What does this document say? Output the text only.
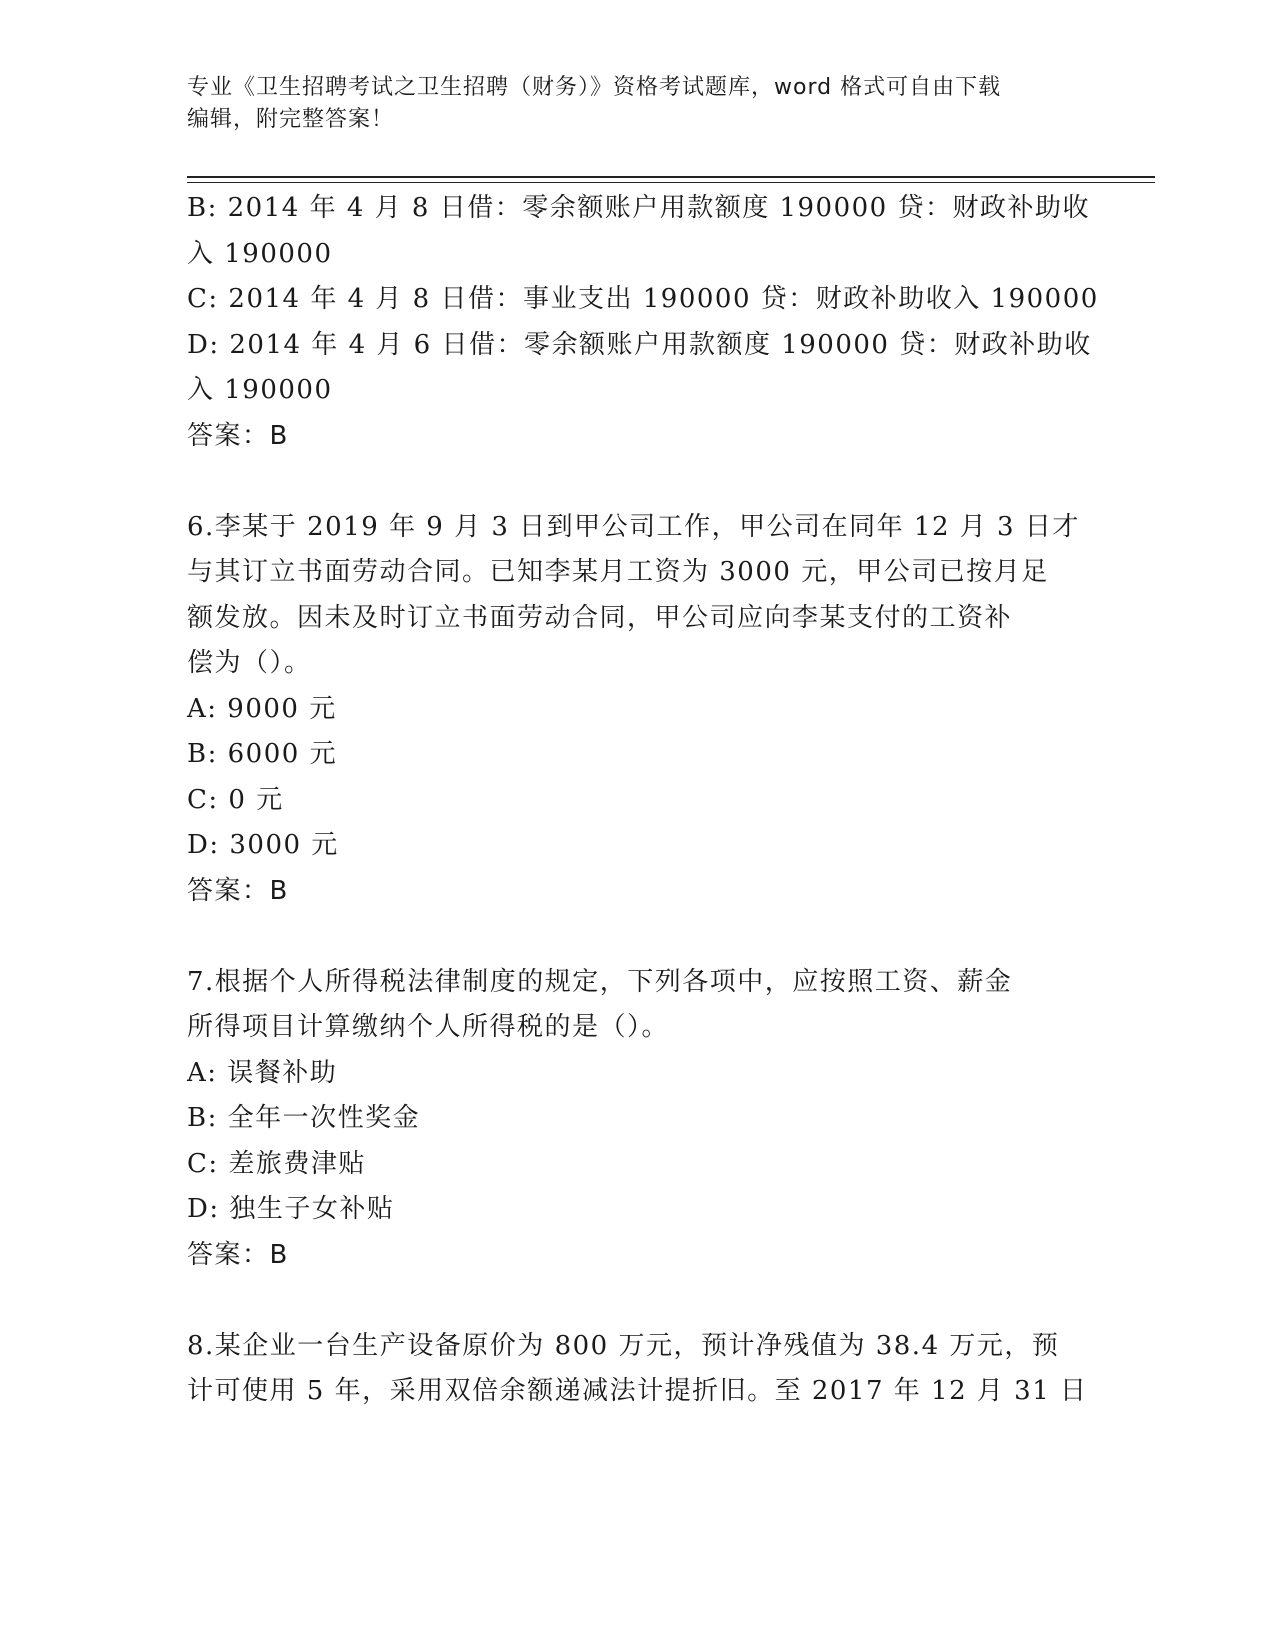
专业《卫生招聘考试之卫生招聘（财务）》资格考试题库，word 格式可自由下载
编辑，附完整答案！
B: 2014 年 4 月 8 日借：零余额账户用款额度 190000 贷：财政补助收
入 190000
C: 2014 年 4 月 8 日借：事业支出 190000 贷：财政补助收入 190000
D: 2014 年 4 月 6 日借：零余额账户用款额度 190000 贷：财政补助收
入 190000
答案：B
6.李某于 2019 年 9 月 3 日到甲公司工作，甲公司在同年 12 月 3 日才
与其订立书面劳动合同。已知李某月工资为 3000 元，甲公司已按月足
额发放。因未及时订立书面劳动合同，甲公司应向李某支付的工资补
偿为（）。
A: 9000 元
B: 6000 元
C: 0 元
D: 3000 元
答案：B
7.根据个人所得税法律制度的规定，下列各项中，应按照工资、薪金
所得项目计算缴纳个人所得税的是（）。
A: 误餐补助
B: 全年一次性奖金
C: 差旅费津贴
D: 独生子女补贴
答案：B
8.某企业一台生产设备原价为 800 万元，预计净残值为 38.4 万元，预
计可使用 5 年，采用双倍余额递减法计提折旧。至 2017 年 12 月 31 日
